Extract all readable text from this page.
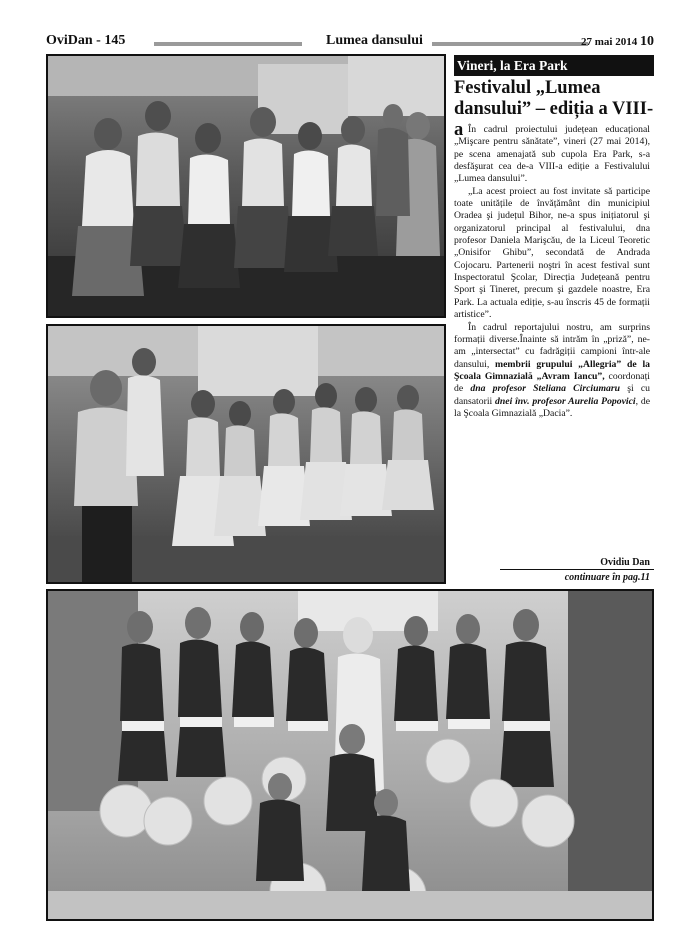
OviDan - 145	Lumea dansului	27 mai 2014 10
Vineri, la Era Park
Festivalul „Lumea
dansului” – ediția a VIII-a În cadrul proiectului județean educațional „Mişcare pentru sănătate”, vineri (27 mai 2014), pe scena amenajată sub cupola Era Park, s-a desfăşurat cea de-a VIII-a ediție a Festivalului „Lumea dansului”.

„La acest proiect au fost invitate să participe toate unitățile de învățământ din municipiul Oradea şi județul Bihor, ne-a spus inițiatorul şi organizatorul principal al festivalului, dna profesor Daniela Marişcău, de la Liceul Teoretic „Onisifor Ghibu”, secondată de Andrada Cojocaru. Partenerii noştri în acest festival sunt Inspectoratul Şcolar, Direcția Județeană pentru Sport şi Tineret, precum şi gazdele noastre, Era Park. La actuala ediție, s-au înscris 45 de formații artistice”.

În cadrul reportajului nostru, am surprins formații diverse.Înainte să intrăm în „priză”, ne-am „intersectat” cu fadrăgiții campioni într-ale dansului, membrii grupului „Allegria” de la Şcoala Gimnazială „Avram Iancu”, coordonați de dna profesor Steliana Circiumaru şi cu dansatorii dnei înv. profesor Aurelia Popovici, de la Şcoala Gimnazială „Dacia”.

Ovidiu Dan
continuare în pag.11
